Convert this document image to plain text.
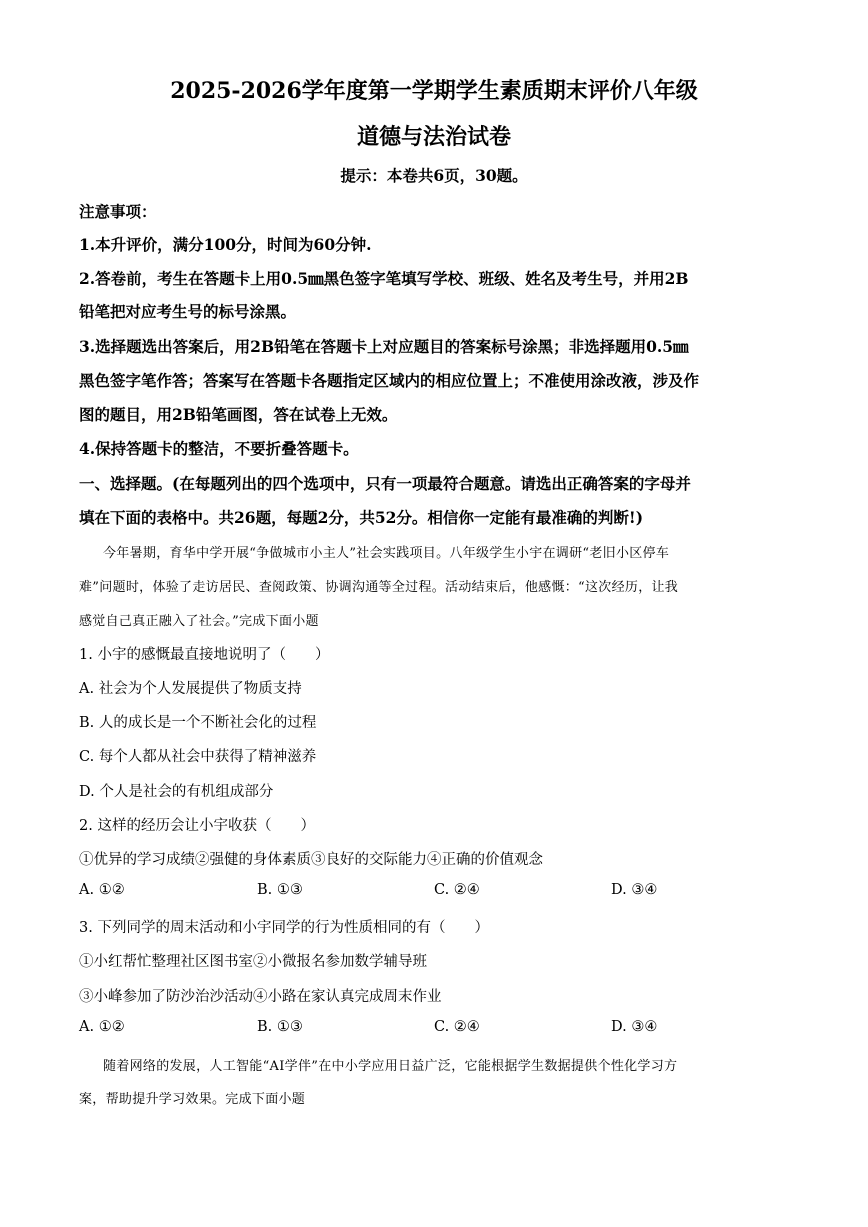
2025-2026学年度第一学期学生素质期末评价八年级
道德与法治试卷
提示：本卷共6页，30题。
注意事项：
1.本升评价，满分100分，时间为60分钟.
2.答卷前，考生在答题卡上用0.5㎜黑色签字笔填写学校、班级、姓名及考生号，并用2B
铅笔把对应考生号的标号涂黑。
3.选择题选出答案后，用2B铅笔在答题卡上对应题目的答案标号涂黑；非选择题用0.5㎜
黑色签字笔作答；答案写在答题卡各题指定区域内的相应位置上；不准使用涂改液，涉及作
图的题目，用2B铅笔画图，答在试卷上无效。
4.保持答题卡的整洁，不要折叠答题卡。
一、选择题。(在每题列出的四个选项中，只有一项最符合题意。请选出正确答案的字母并
填在下面的表格中。共26题，每题2分，共52分。相信你一定能有最准确的判断!)
今年暑期，育华中学开展“争做城市小主人”社会实践项目。八年级学生小宇在调研“老旧小区停车
难”问题时，体验了走访居民、查阅政策、协调沟通等全过程。活动结束后，他感慨：“这次经历，让我
感觉自己真正融入了社会。”完成下面小题
1. 小宇的感慨最直接地说明了（　　）
A. 社会为个人发展提供了物质支持
B. 人的成长是一个不断社会化的过程
C. 每个人都从社会中获得了精神滋养
D. 个人是社会的有机组成部分
2. 这样的经历会让小宇收获（　　）
①优异的学习成绩②强健的身体素质③良好的交际能力④正确的价值观念
A. ①②	B. ①③	C. ②④	D. ③④
3. 下列同学的周末活动和小宇同学的行为性质相同的有（　　）
①小红帮忙整理社区图书室②小微报名参加数学辅导班
③小峰参加了防沙治沙活动④小路在家认真完成周末作业
A. ①②	B. ①③	C. ②④	D. ③④
随着网络的发展，人工智能“AI学伴”在中小学应用日益广泛，它能根据学生数据提供个性化学习方
案，帮助提升学习效果。完成下面小题
